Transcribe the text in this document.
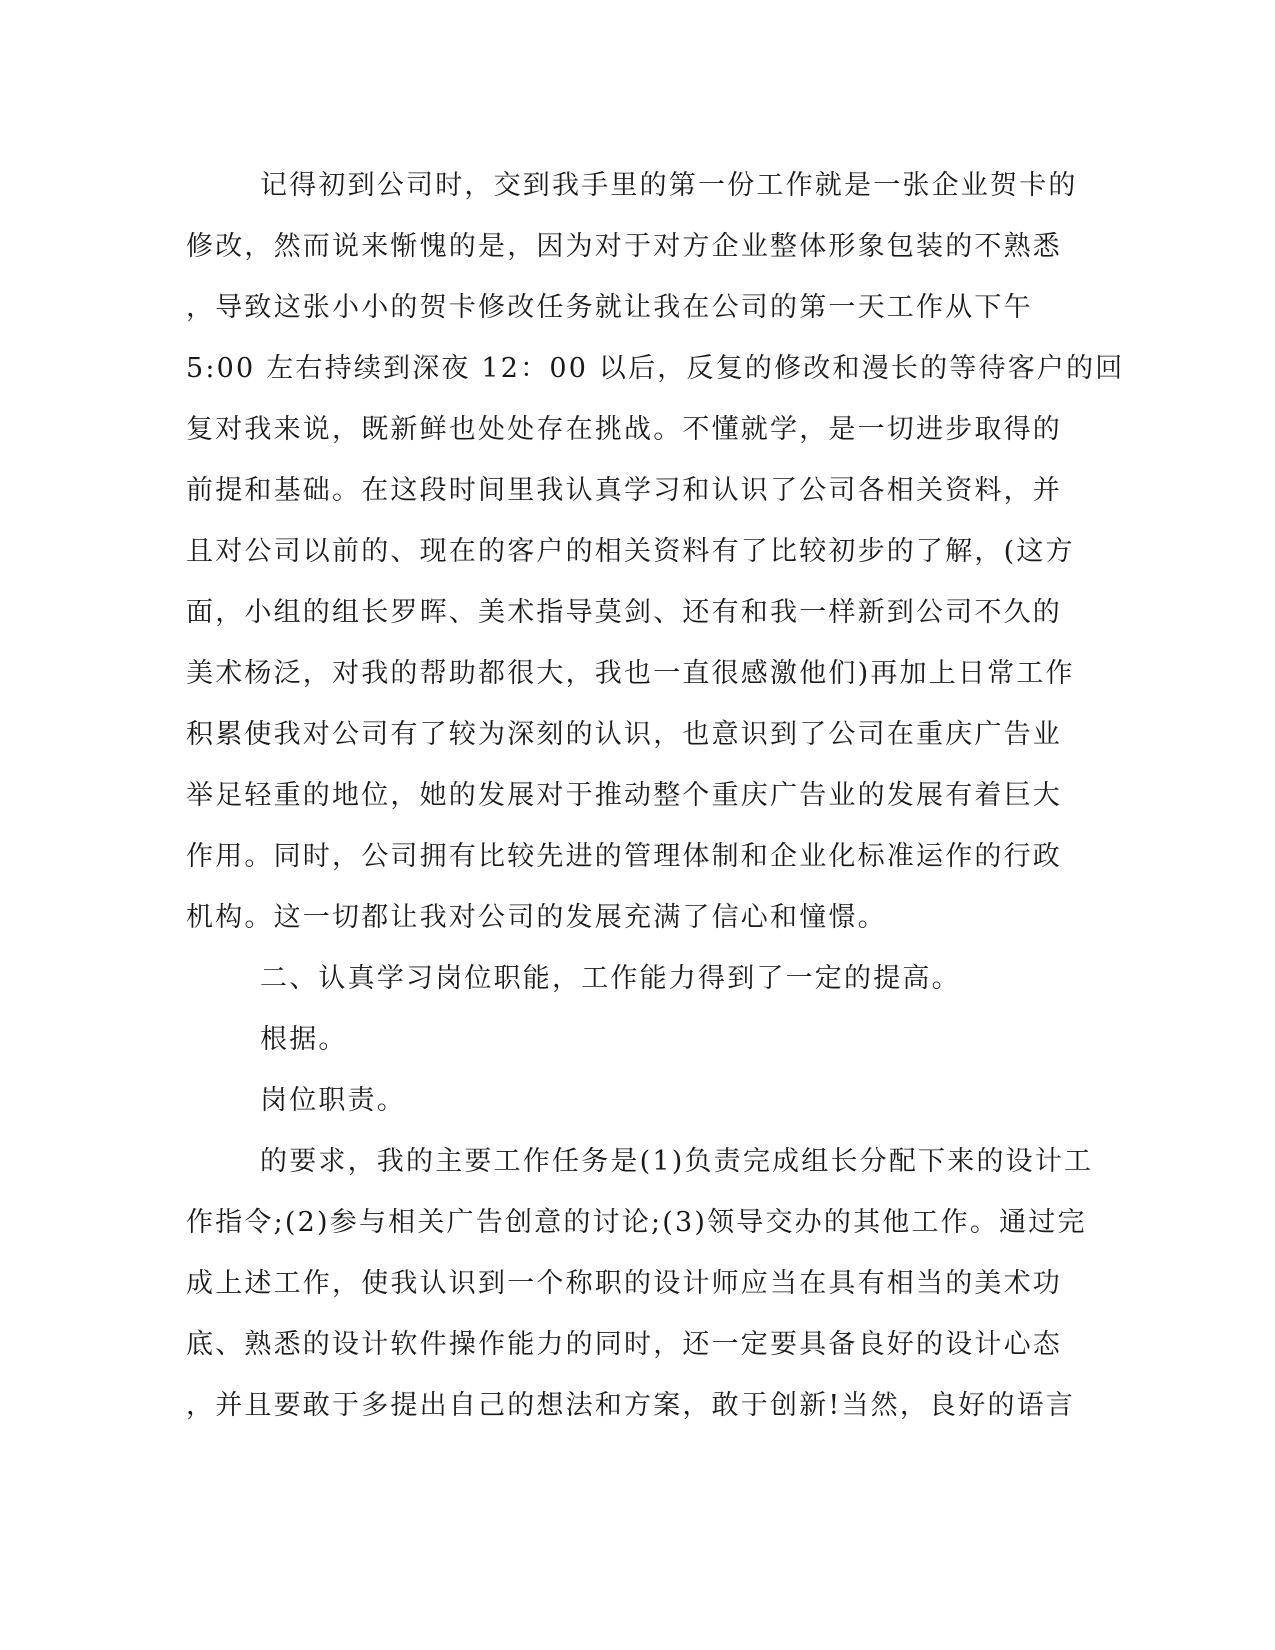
记得初到公司时，交到我手里的第一份工作就是一张企业贺卡的
修改，然而说来惭愧的是，因为对于对方企业整体形象包装的不熟悉
，导致这张小小的贺卡修改任务就让我在公司的第一天工作从下午
5:00 左右持续到深夜 12：00 以后，反复的修改和漫长的等待客户的回
复对我来说，既新鲜也处处存在挑战。不懂就学，是一切进步取得的
前提和基础。在这段时间里我认真学习和认识了公司各相关资料，并
且对公司以前的、现在的客户的相关资料有了比较初步的了解，(这方
面，小组的组长罗晖、美术指导莫剑、还有和我一样新到公司不久的
美术杨泛，对我的帮助都很大，我也一直很感激他们)再加上日常工作
积累使我对公司有了较为深刻的认识，也意识到了公司在重庆广告业
举足轻重的地位，她的发展对于推动整个重庆广告业的发展有着巨大
作用。同时，公司拥有比较先进的管理体制和企业化标准运作的行政
机构。这一切都让我对公司的发展充满了信心和憧憬。
二、认真学习岗位职能，工作能力得到了一定的提高。
根据。
岗位职责。
的要求，我的主要工作任务是(1)负责完成组长分配下来的设计工
作指令;(2)参与相关广告创意的讨论;(3)领导交办的其他工作。通过完
成上述工作，使我认识到一个称职的设计师应当在具有相当的美术功
底、熟悉的设计软件操作能力的同时，还一定要具备良好的设计心态
，并且要敢于多提出自己的想法和方案，敢于创新!当然，良好的语言
